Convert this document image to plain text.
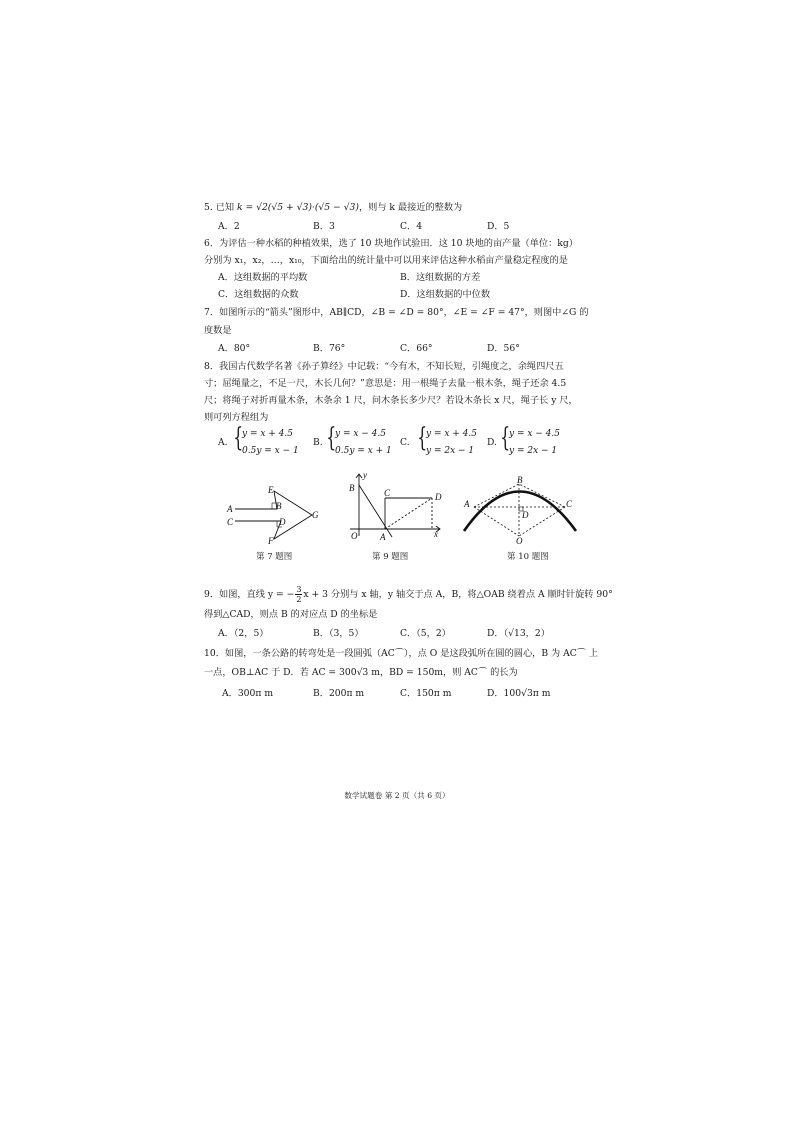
5. 已知 k = √2(√5 + √3)·(√5 − √3)，则与 k 最接近的整数为
A．2	B．3	C．4	D．5
6．为评估一种水稻的种植效果，选了 10 块地作试验田．这 10 块地的亩产量（单位：kg）
分别为 x₁，x₂，…，x₁₀，下面给出的统计量中可以用来评估这种水稻亩产量稳定程度的是
A．这组数据的平均数	B．这组数据的方差
C．这组数据的众数	D．这组数据的中位数
7．如图所示的“箭头”图形中，AB∥CD，∠B = ∠D = 80°，∠E = ∠F = 47°，则图中∠G 的
度数是
A．80°	B．76°	C．66°	D．56°
8．我国古代数学名著《孙子算经》中记载：“今有木，不知长短，引绳度之，余绳四尺五
寸；屈绳量之，不足一尺，木长几何？”意思是：用一根绳子去量一根木条，绳子还余 4.5
尺；将绳子对折再量木条，木条余 1 尺，问木条长多少尺？若设木条长 x 尺，绳子长 y 尺，
则可列方程组为
A. {
y = x + 4.5
0.5y = x − 1
B. {
y = x − 4.5
0.5y = x + 1
C. {
y = x + 4.5
y = 2x − 1
D. {
y = x − 4.5
y = 2x − 1
A
C
E
B
D
F
G
第 7 题图
y
B	C	D
O	A	x
第 9 题图
B
A	C
D
O
第 10 题图
9．如图，直线 y = − $\frac{3}{2}$ x + 3 分别与 x 轴，y 轴交于点 A，B，将△OAB 绕着点 A 顺时针旋转 90°
得到△CAD，则点 B 的对应点 D 的坐标是
A．（2，5）	B．（3，5）	C．（5，2）	D．（√13，2）
10．如图，一条公路的转弯处是一段圆弧（AC⌒），点 O 是这段弧所在圆的圆心，B 为 AC⌒ 上
一点，OB⊥AC 于 D．若 AC = 300√3 m，BD = 150m，则 AC⌒ 的长为
A．300π m	B．200π m	C．150π m	D．100√3π m
数学试题卷 第 2 页（共 6 页）
